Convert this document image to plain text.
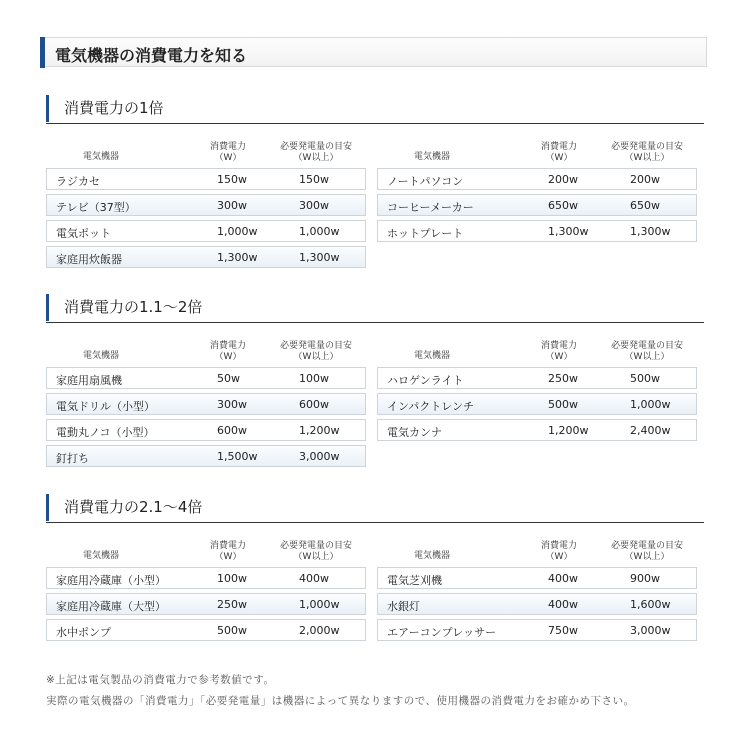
電気機器の消費電力を知る
消費電力の1倍
電気機器
消費電力
（W）
必要発電量の目安
（W以上）
ラジカセ	150w	150w
テレビ（37型）	300w	300w
電気ポット	1,000w	1,000w
家庭用炊飯器	1,300w	1,300w
電気機器
消費電力
（W）
必要発電量の目安
（W以上）
ノートパソコン	200w	200w
コーヒーメーカー	650w	650w
ホットプレート	1,300w	1,300w
消費電力の1.1～2倍
電気機器
消費電力
（W）
必要発電量の目安
（W以上）
家庭用扇風機	50w	100w
電気ドリル（小型）	300w	600w
電動丸ノコ（小型）	600w	1,200w
釘打ち	1,500w	3,000w
電気機器
消費電力
（W）
必要発電量の目安
（W以上）
ハロゲンライト	250w	500w
インパクトレンチ	500w	1,000w
電気カンナ	1,200w	2,400w
消費電力の2.1～4倍
電気機器
消費電力
（W）
必要発電量の目安
（W以上）
家庭用冷蔵庫（小型）	100w	400w
家庭用冷蔵庫（大型）	250w	1,000w
水中ポンプ	500w	2,000w
電気機器
消費電力
（W）
必要発電量の目安
（W以上）
電気芝刈機	400w	900w
水銀灯	400w	1,600w
エアーコンプレッサー	750w	3,000w
※上記は電気製品の消費電力で参考数値です。
実際の電気機器の「消費電力」「必要発電量」は機器によって異なりますので、使用機器の消費電力をお確かめ下さい。
